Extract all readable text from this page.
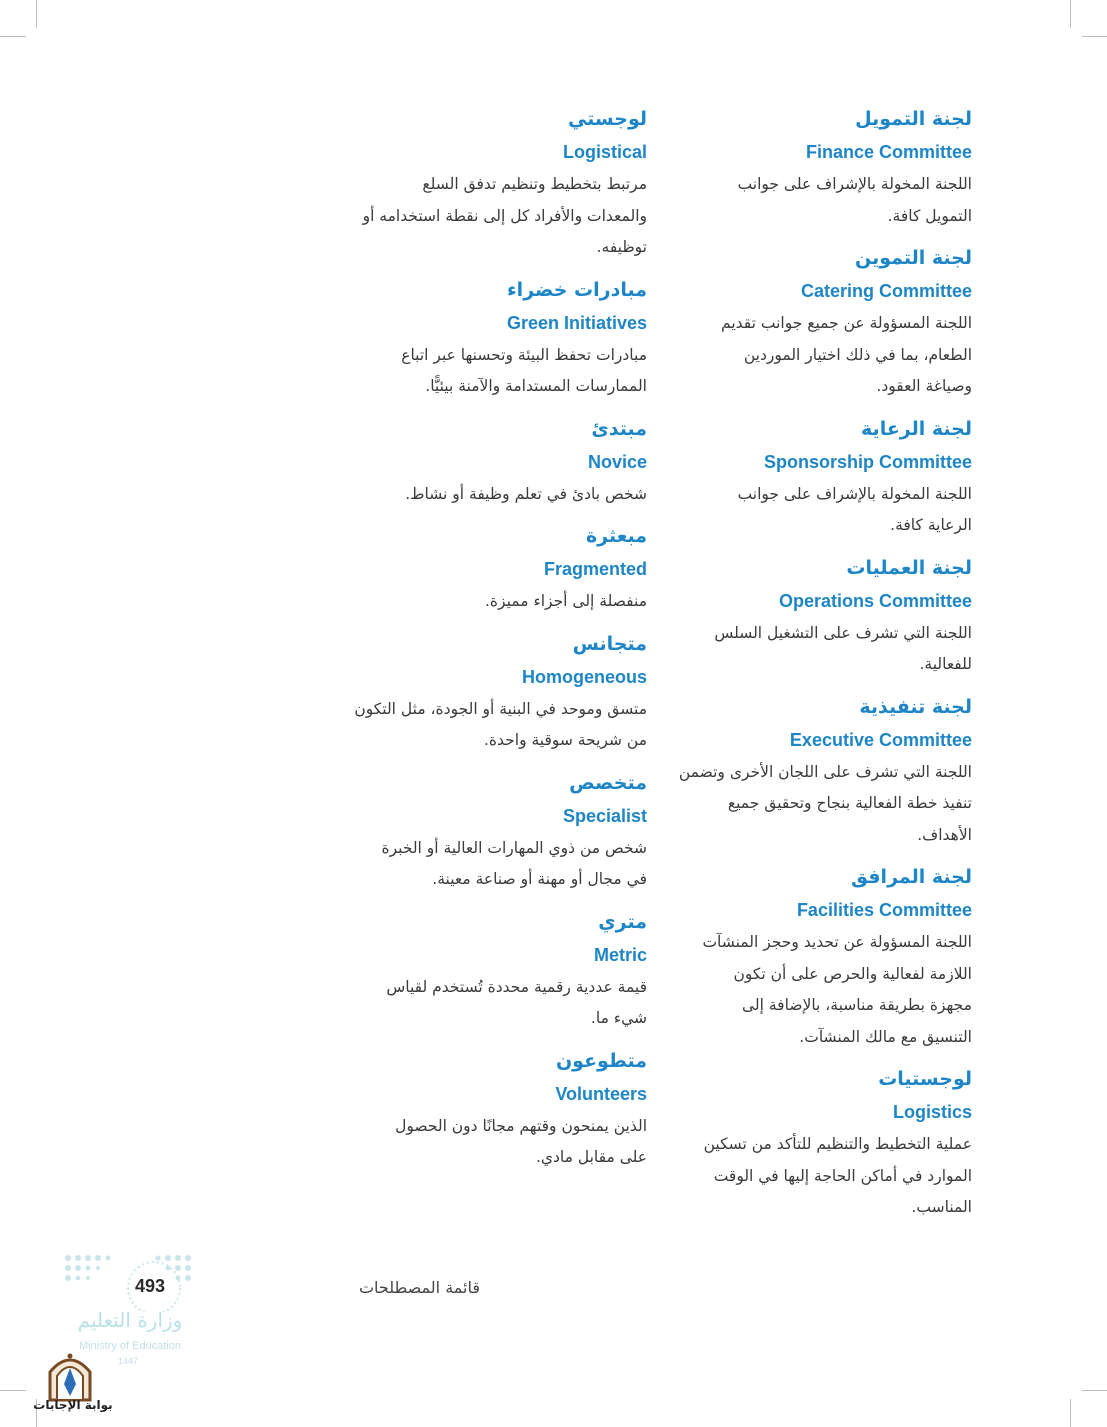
لجنة التمويل
Finance Committee
اللجنة المخولة بالإشراف على جوانب
التمويل كافة.
لجنة التموين
Catering Committee
اللجنة المسؤولة عن جميع جوانب تقديم
الطعام، بما في ذلك اختيار الموردين
وصياغة العقود.
لجنة الرعاية
Sponsorship Committee
اللجنة المخولة بالإشراف على جوانب
الرعاية كافة.
لجنة العمليات
Operations Committee
اللجنة التي تشرف على التشغيل السلس
للفعالية.
لجنة تنفيذية
Executive Committee
اللجنة التي تشرف على اللجان الأخرى وتضمن
تنفيذ خطة الفعالية بنجاح وتحقيق جميع
الأهداف.
لجنة المرافق
Facilities Committee
اللجنة المسؤولة عن تحديد وحجز المنشآت
اللازمة لفعالية والحرص على أن تكون
مجهزة بطريقة مناسبة، بالإضافة إلى
التنسيق مع مالك المنشآت.
لوجستيات
Logistics
عملية التخطيط والتنظيم للتأكد من تسكين
الموارد في أماكن الحاجة إليها في الوقت
المناسب.
لوجستي
Logistical
مرتبط بتخطيط وتنظيم تدفق السلع
والمعدات والأفراد كل إلى نقطة استخدامه أو
توظيفه.
مبادرات خضراء
Green Initiatives
مبادرات تحفظ البيئة وتحسنها عبر اتباع
الممارسات المستدامة والآمنة بيئيًّا.
مبتدئ
Novice
شخص بادئ في تعلم وظيفة أو نشاط.
مبعثرة
Fragmented
منفصلة إلى أجزاء مميزة.
متجانس
Homogeneous
متسق وموحد في البنية أو الجودة، مثل التكون
من شريحة سوقية واحدة.
متخصص
Specialist
شخص من ذوي المهارات العالية أو الخبرة
في مجال أو مهنة أو صناعة معينة.
متري
Metric
قيمة عددية رقمية محددة تُستخدم لقياس
شيء ما.
متطوعون
Volunteers
الذين يمنحون وقتهم مجانًا دون الحصول
على مقابل مادي.
قائمة المصطلحات
493
وزارة التعليم
Ministry of Education
1447
بوابة الإجابات
